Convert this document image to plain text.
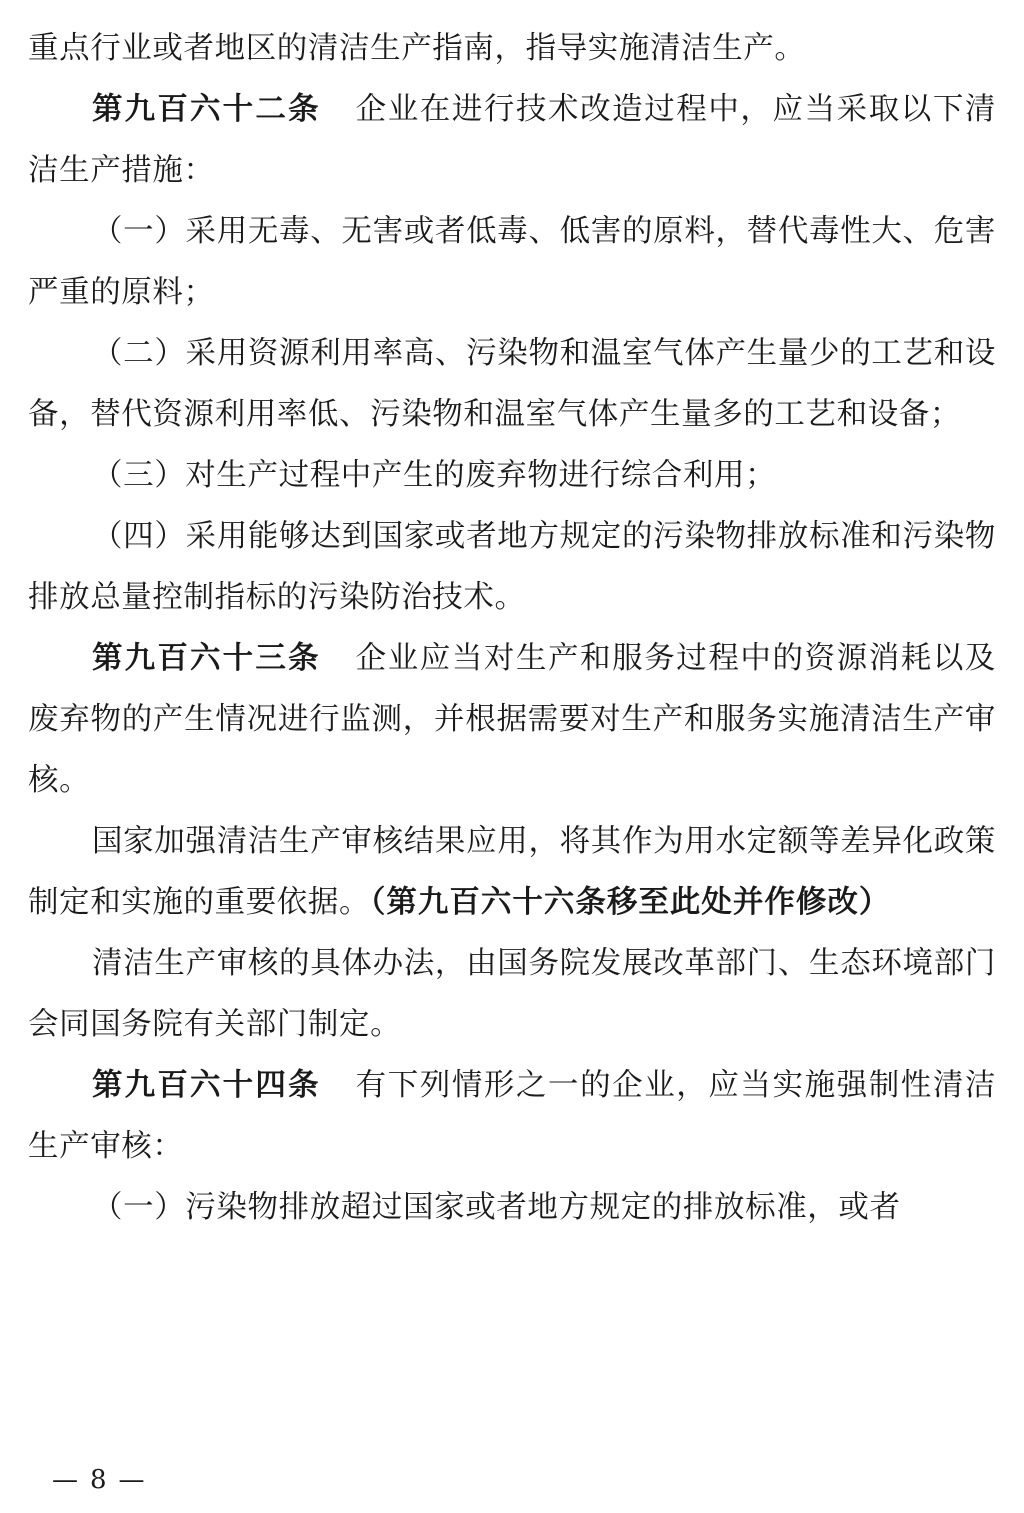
重点行业或者地区的清洁生产指南，指导实施清洁生产。

第九百六十二条 企业在进行技术改造过程中，应当采取以下清洁生产措施：

（一）采用无毒、无害或者低毒、低害的原料，替代毒性大、危害严重的原料；

（二）采用资源利用率高、污染物和温室气体产生量少的工艺和设备，替代资源利用率低、污染物和温室气体产生量多的工艺和设备；

（三）对生产过程中产生的废弃物进行综合利用；

（四）采用能够达到国家或者地方规定的污染物排放标准和污染物排放总量控制指标的污染防治技术。

第九百六十三条 企业应当对生产和服务过程中的资源消耗以及废弃物的产生情况进行监测，并根据需要对生产和服务实施清洁生产审核。

国家加强清洁生产审核结果应用，将其作为用水定额等差异化政策制定和实施的重要依据。（第九百六十六条移至此处并作修改）

清洁生产审核的具体办法，由国务院发展改革部门、生态环境部门会同国务院有关部门制定。

第九百六十四条 有下列情形之一的企业，应当实施强制性清洁生产审核：

（一）污染物排放超过国家或者地方规定的排放标准，或者

— 8 —
